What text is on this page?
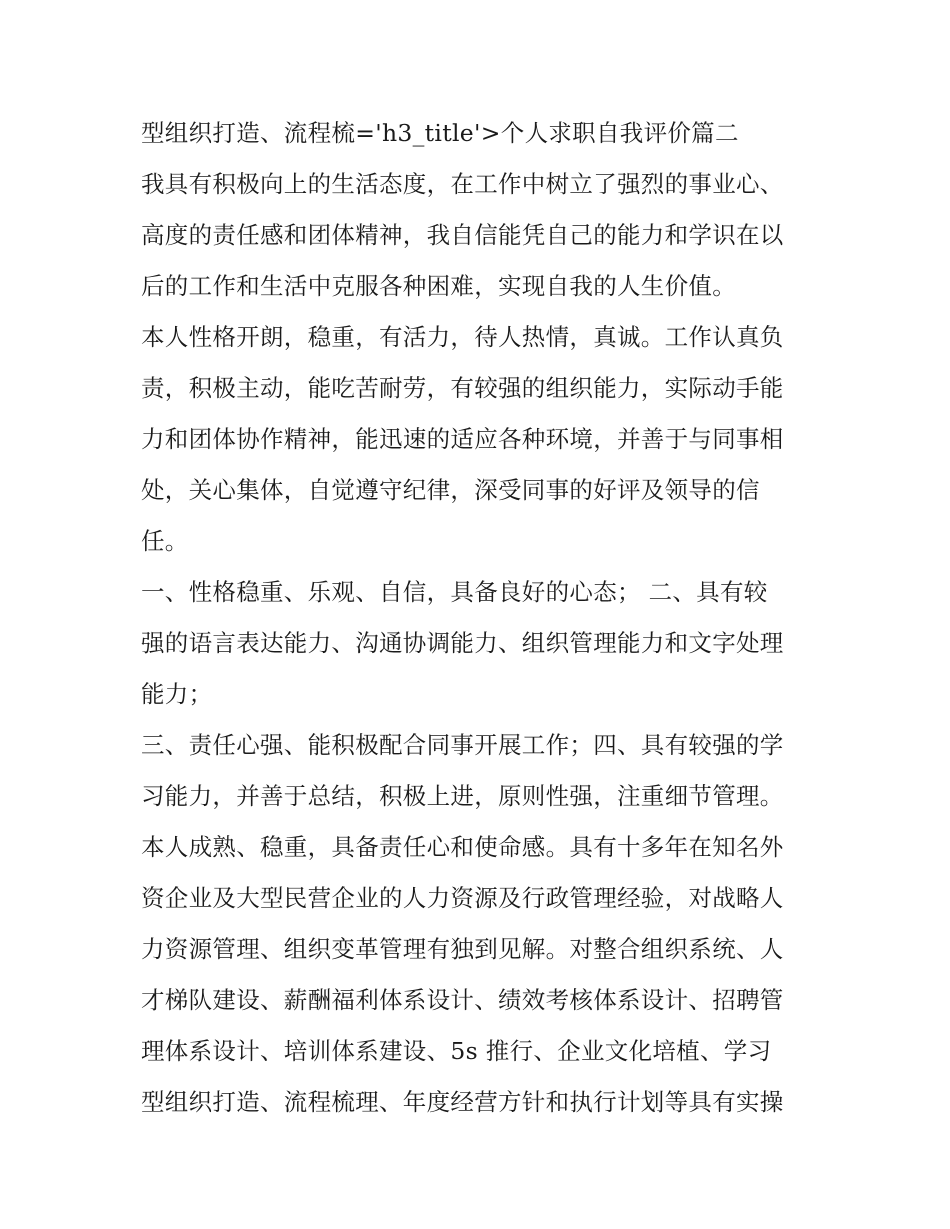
型组织打造、流程梳='h3_title'>个人求职自我评价篇二
我具有积极向上的生活态度，在工作中树立了强烈的事业心、
高度的责任感和团体精神，我自信能凭自己的能力和学识在以
后的工作和生活中克服各种困难，实现自我的人生价值。
本人性格开朗，稳重，有活力，待人热情，真诚。工作认真负
责，积极主动，能吃苦耐劳，有较强的组织能力，实际动手能
力和团体协作精神，能迅速的适应各种环境，并善于与同事相
处，关心集体，自觉遵守纪律，深受同事的好评及领导的信
任。
一、性格稳重、乐观、自信，具备良好的心态； 二、具有较
强的语言表达能力、沟通协调能力、组织管理能力和文字处理
能力；
三、责任心强、能积极配合同事开展工作；四、具有较强的学
习能力，并善于总结，积极上进，原则性强，注重细节管理。
本人成熟、稳重，具备责任心和使命感。具有十多年在知名外
资企业及大型民营企业的人力资源及行政管理经验，对战略人
力资源管理、组织变革管理有独到见解。对整合组织系统、人
才梯队建设、薪酬福利体系设计、绩效考核体系设计、招聘管
理体系设计、培训体系建设、5s 推行、企业文化培植、学习
型组织打造、流程梳理、年度经营方针和执行计划等具有实操
